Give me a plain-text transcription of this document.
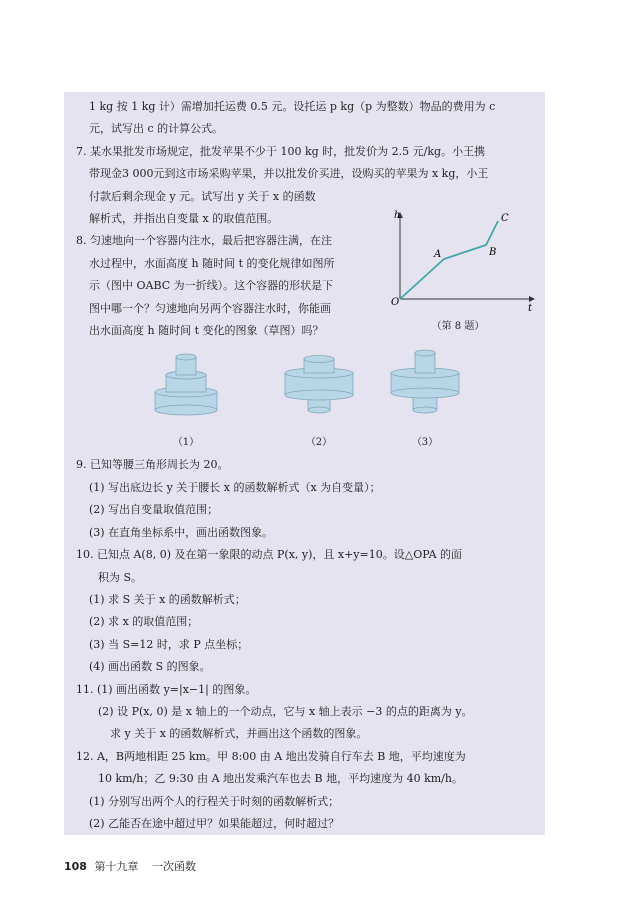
1 kg 按 1 kg 计）需增加托运费 0.5 元。设托运 p kg（p 为整数）物品的费用为 c
元，试写出 c 的计算公式。
7. 某水果批发市场规定，批发苹果不少于 100 kg 时，批发价为 2.5 元/kg。小王携
带现金3 000元到这市场采购苹果，并以批发价买进，设购买的苹果为 x kg，小王
付款后剩余现金 y 元。试写出 y 关于 x 的函数
解析式，并指出自变量 x 的取值范围。
8. 匀速地向一个容器内注水，最后把容器注满，在注
水过程中，水面高度 h 随时间 t 的变化规律如图所
示（图中 OABC 为一折线）。这个容器的形状是下
图中哪一个？匀速地向另两个容器注水时，你能画
出水面高度 h 随时间 t 变化的图象（草图）吗？
9. 已知等腰三角形周长为 20。
(1) 写出底边长 y 关于腰长 x 的函数解析式（x 为自变量）；
(2) 写出自变量取值范围；
(3) 在直角坐标系中，画出函数图象。
10. 已知点 A(8, 0) 及在第一象限的动点 P(x, y)，且 x+y=10。设△OPA 的面
积为 S。
(1) 求 S 关于 x 的函数解析式；
(2) 求 x 的取值范围；
(3) 当 S=12 时，求 P 点坐标；
(4) 画出函数 S 的图象。
11. (1) 画出函数 y=|x−1| 的图象。
(2) 设 P(x, 0) 是 x 轴上的一个动点，它与 x 轴上表示 −3 的点的距离为 y。
求 y 关于 x 的函数解析式，并画出这个函数的图象。
12. A，B两地相距 25 km。甲 8:00 由 A 地出发骑自行车去 B 地，平均速度为
10 km/h；乙 9:30 由 A 地出发乘汽车也去 B 地，平均速度为 40 km/h。
(1) 分别写出两个人的行程关于时刻的函数解析式；
(2) 乙能否在途中超过甲？如果能超过，何时超过？
h
t
O
A	B
C
（第 8 题）
（1）	（2）	（3）
108 第十九章 一次函数
